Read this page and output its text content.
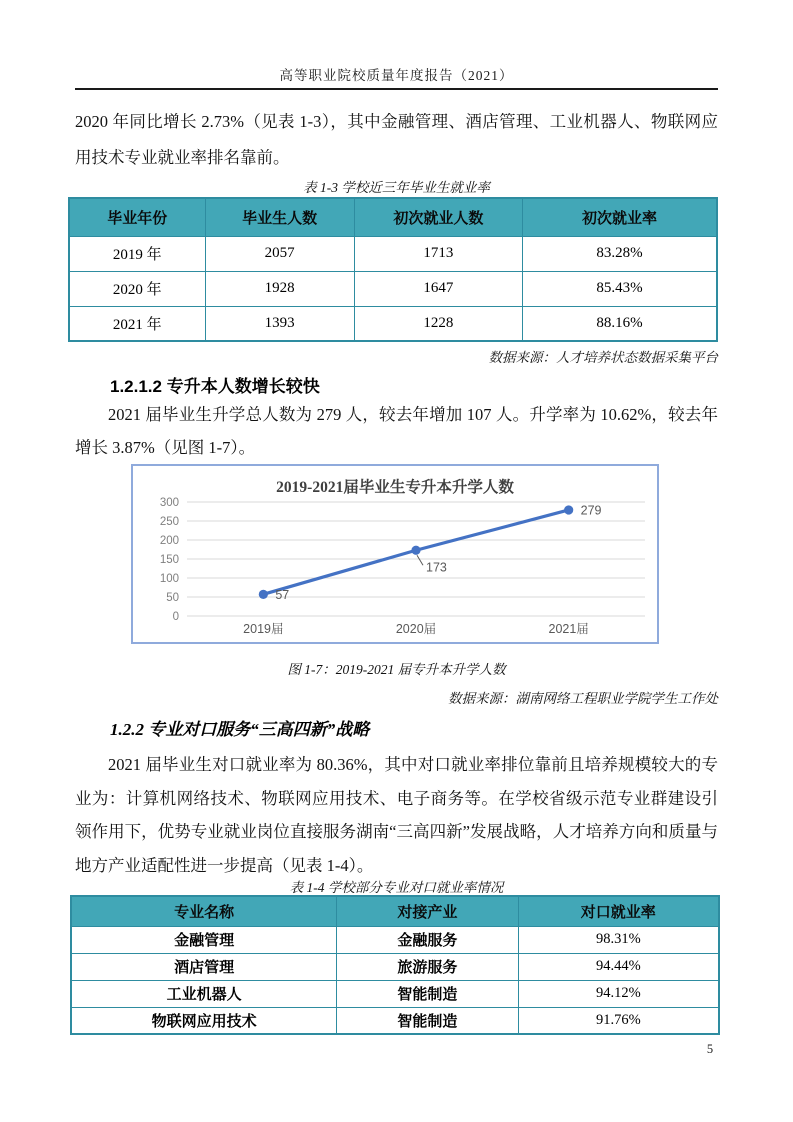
高等职业院校质量年度报告（2021）
2020 年同比增长 2.73%（见表 1-3），其中金融管理、酒店管理、工业机器人、物联网应用技术专业就业率排名靠前。
表 1-3 学校近三年毕业生就业率
毕业年份	毕业生人数	初次就业人数	初次就业率
2019 年	2057	1713	83.28%
2020 年	1928	1647	85.43%
2021 年	1393	1228	88.16%
数据来源：人才培养状态数据采集平台
1.2.1.2 专升本人数增长较快
2021 届毕业生升学总人数为 279 人，较去年增加 107 人。升学率为 10.62%，较去年增长 3.87%（见图 1-7）。
2019-2021届毕业生专升本升学人数
0
50
100
150
200
250
300
2019届	2020届	2021届
57
173
279
图 1-7：2019-2021 届专升本升学人数
数据来源：湖南网络工程职业学院学生工作处
1.2.2 专业对口服务“三高四新”战略
2021 届毕业生对口就业率为 80.36%，其中对口就业率排位靠前且培养规模较大的专业为：计算机网络技术、物联网应用技术、电子商务等。在学校省级示范专业群建设引领作用下，优势专业就业岗位直接服务湖南“三高四新”发展战略，人才培养方向和质量与地方产业适配性进一步提高（见表 1-4）。
表 1-4 学校部分专业对口就业率情况
专业名称	对接产业	对口就业率
金融管理	金融服务	98.31%
酒店管理	旅游服务	94.44%
工业机器人	智能制造	94.12%
物联网应用技术	智能制造	91.76%
5
